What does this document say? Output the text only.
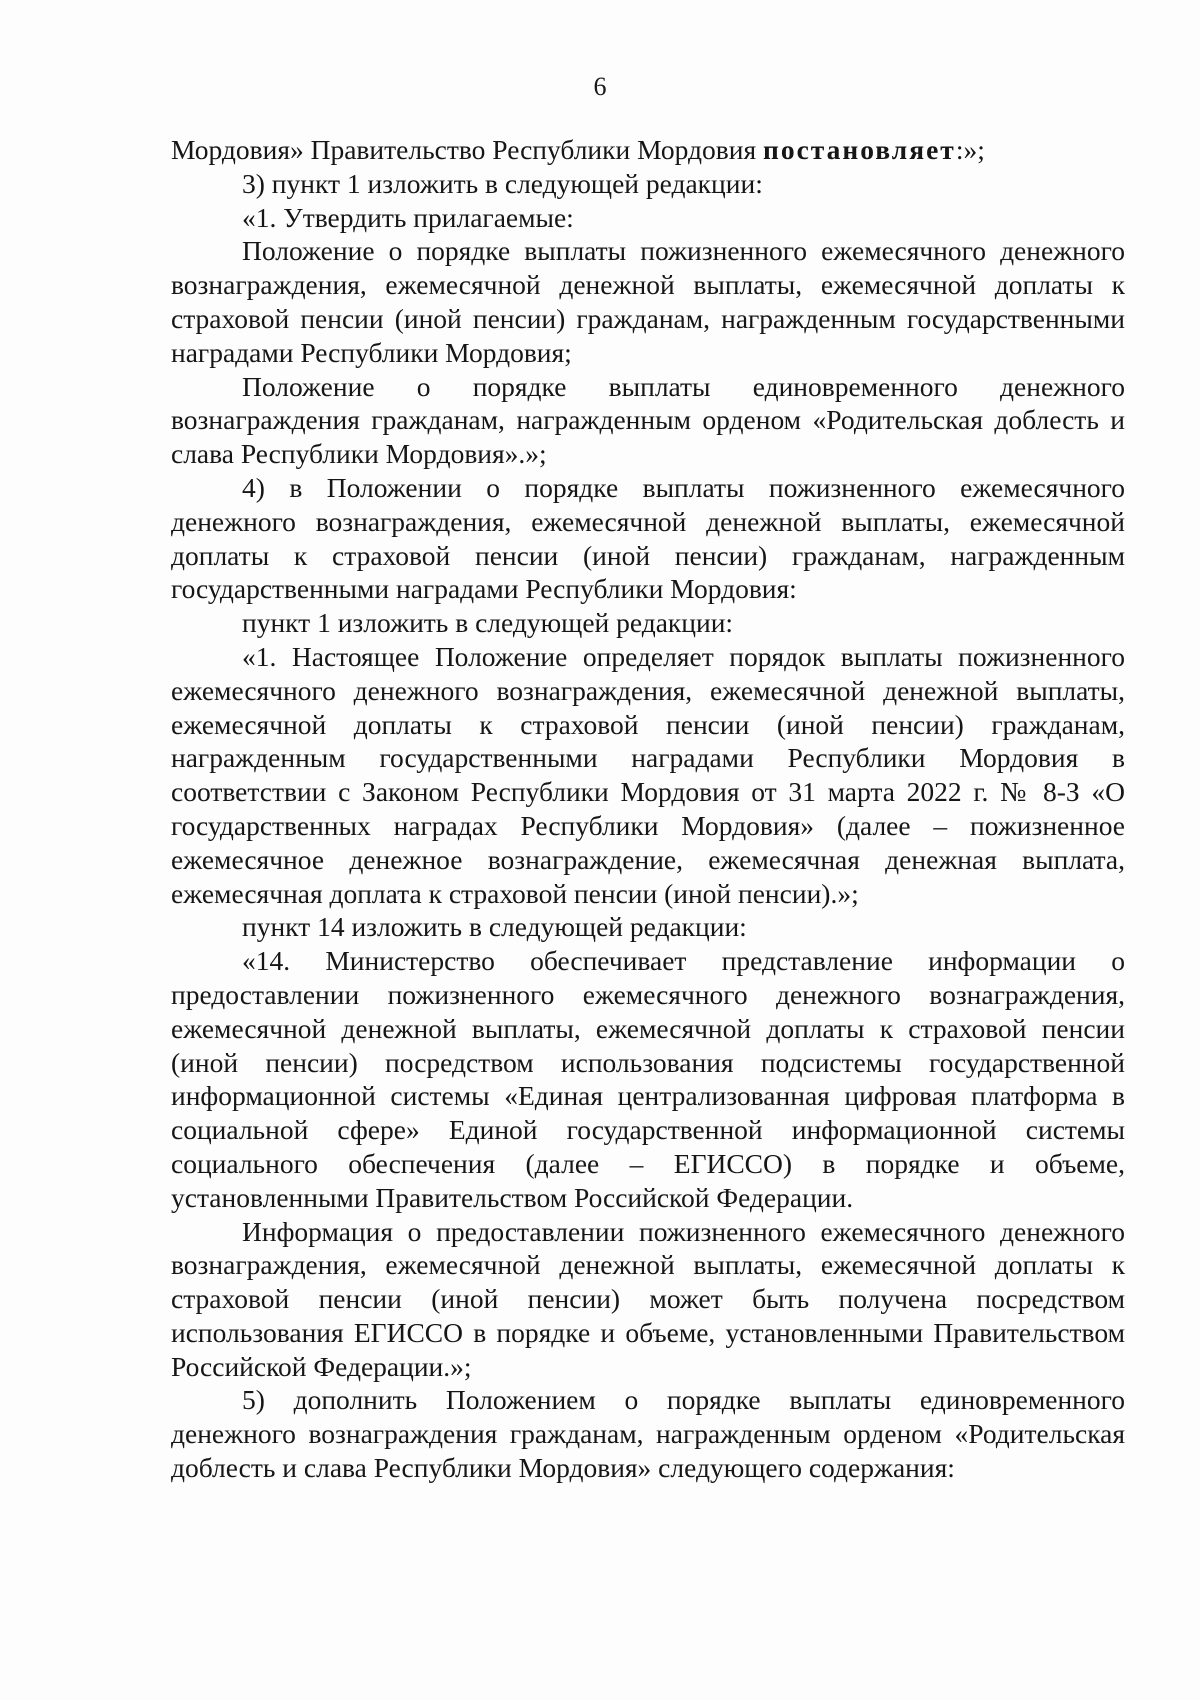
6

Мордовия» Правительство Республики Мордовия постановляет:»;

3) пункт 1 изложить в следующей редакции:

«1. Утвердить прилагаемые:

Положение о порядке выплаты пожизненного ежемесячного денежного вознаграждения, ежемесячной денежной выплаты, ежемесячной доплаты к страховой пенсии (иной пенсии) гражданам, награжденным государственными наградами Республики Мордовия;

Положение о порядке выплаты единовременного денежного вознаграждения гражданам, награжденным орденом «Родительская доблесть и слава Республики Мордовия».»;

4) в Положении о порядке выплаты пожизненного ежемесячного денежного вознаграждения, ежемесячной денежной выплаты, ежемесячной доплаты к страховой пенсии (иной пенсии) гражданам, награжденным государственными наградами Республики Мордовия:

пункт 1 изложить в следующей редакции:

«1. Настоящее Положение определяет порядок выплаты пожизненного ежемесячного денежного вознаграждения, ежемесячной денежной выплаты, ежемесячной доплаты к страховой пенсии (иной пенсии) гражданам, награжденным государственными наградами Республики Мордовия в соответствии с Законом Республики Мордовия от 31 марта 2022 г. № 8-З «О государственных наградах Республики Мордовия» (далее – пожизненное ежемесячное денежное вознаграждение, ежемесячная денежная выплата, ежемесячная доплата к страховой пенсии (иной пенсии).»;

пункт 14 изложить в следующей редакции:

«14. Министерство обеспечивает представление информации о предоставлении пожизненного ежемесячного денежного вознаграждения, ежемесячной денежной выплаты, ежемесячной доплаты к страховой пенсии (иной пенсии) посредством использования подсистемы государственной информационной системы «Единая централизованная цифровая платформа в социальной сфере» Единой государственной информационной системы социального обеспечения (далее – ЕГИССО) в порядке и объеме, установленными Правительством Российской Федерации.

Информация о предоставлении пожизненного ежемесячного денежного вознаграждения, ежемесячной денежной выплаты, ежемесячной доплаты к страховой пенсии (иной пенсии) может быть получена посредством использования ЕГИССО в порядке и объеме, установленными Правительством Российской Федерации.»;

5) дополнить Положением о порядке выплаты единовременного денежного вознаграждения гражданам, награжденным орденом «Родительская доблесть и слава Республики Мордовия» следующего содержания:
